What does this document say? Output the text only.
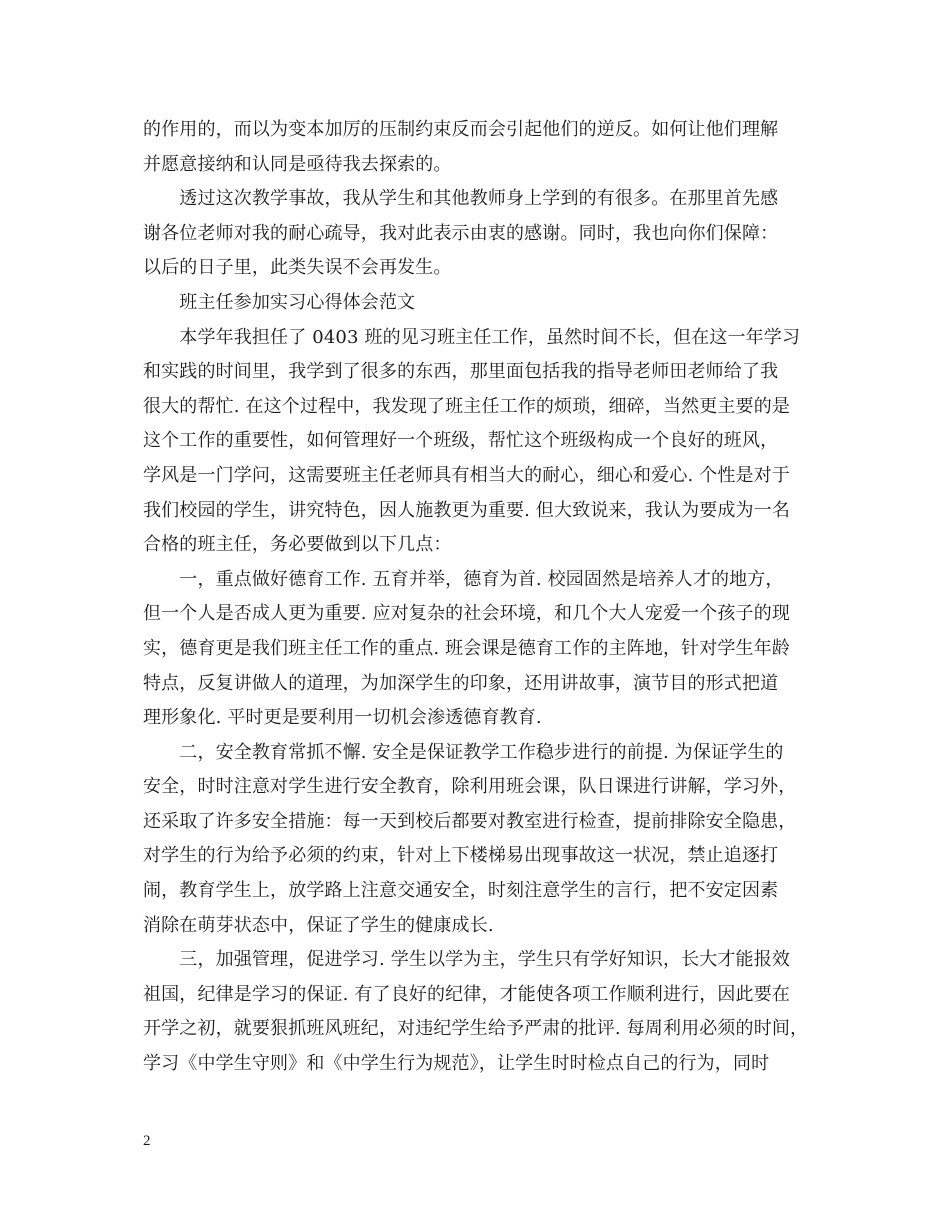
的作用的，而以为变本加厉的压制约束反而会引起他们的逆反。如何让他们理解
并愿意接纳和认同是亟待我去探索的。
　　透过这次教学事故，我从学生和其他教师身上学到的有很多。在那里首先感
谢各位老师对我的耐心疏导，我对此表示由衷的感谢。同时，我也向你们保障：
以后的日子里，此类失误不会再发生。
　　班主任参加实习心得体会范文
　　本学年我担任了 0403 班的见习班主任工作，虽然时间不长，但在这一年学习
和实践的时间里，我学到了很多的东西，那里面包括我的指导老师田老师给了我
很大的帮忙. 在这个过程中，我发现了班主任工作的烦琐，细碎，当然更主要的是
这个工作的重要性，如何管理好一个班级，帮忙这个班级构成一个良好的班风，
学风是一门学问，这需要班主任老师具有相当大的耐心，细心和爱心. 个性是对于
我们校园的学生，讲究特色，因人施教更为重要. 但大致说来，我认为要成为一名
合格的班主任，务必要做到以下几点：
　　一，重点做好德育工作. 五育并举，德育为首. 校园固然是培养人才的地方，
但一个人是否成人更为重要. 应对复杂的社会环境，和几个大人宠爱一个孩子的现
实，德育更是我们班主任工作的重点. 班会课是德育工作的主阵地，针对学生年龄
特点，反复讲做人的道理，为加深学生的印象，还用讲故事，演节目的形式把道
理形象化. 平时更是要利用一切机会渗透德育教育.
　　二，安全教育常抓不懈. 安全是保证教学工作稳步进行的前提. 为保证学生的
安全，时时注意对学生进行安全教育，除利用班会课，队日课进行讲解，学习外，
还采取了许多安全措施：每一天到校后都要对教室进行检查，提前排除安全隐患，
对学生的行为给予必须的约束，针对上下楼梯易出现事故这一状况，禁止追逐打
闹，教育学生上，放学路上注意交通安全，时刻注意学生的言行，把不安定因素
消除在萌芽状态中，保证了学生的健康成长.
　　三，加强管理，促进学习. 学生以学为主，学生只有学好知识，长大才能报效
祖国，纪律是学习的保证. 有了良好的纪律，才能使各项工作顺利进行，因此要在
开学之初，就要狠抓班风班纪，对违纪学生给予严肃的批评. 每周利用必须的时间，
学习《中学生守则》和《中学生行为规范》，让学生时时检点自己的行为，同时
2
